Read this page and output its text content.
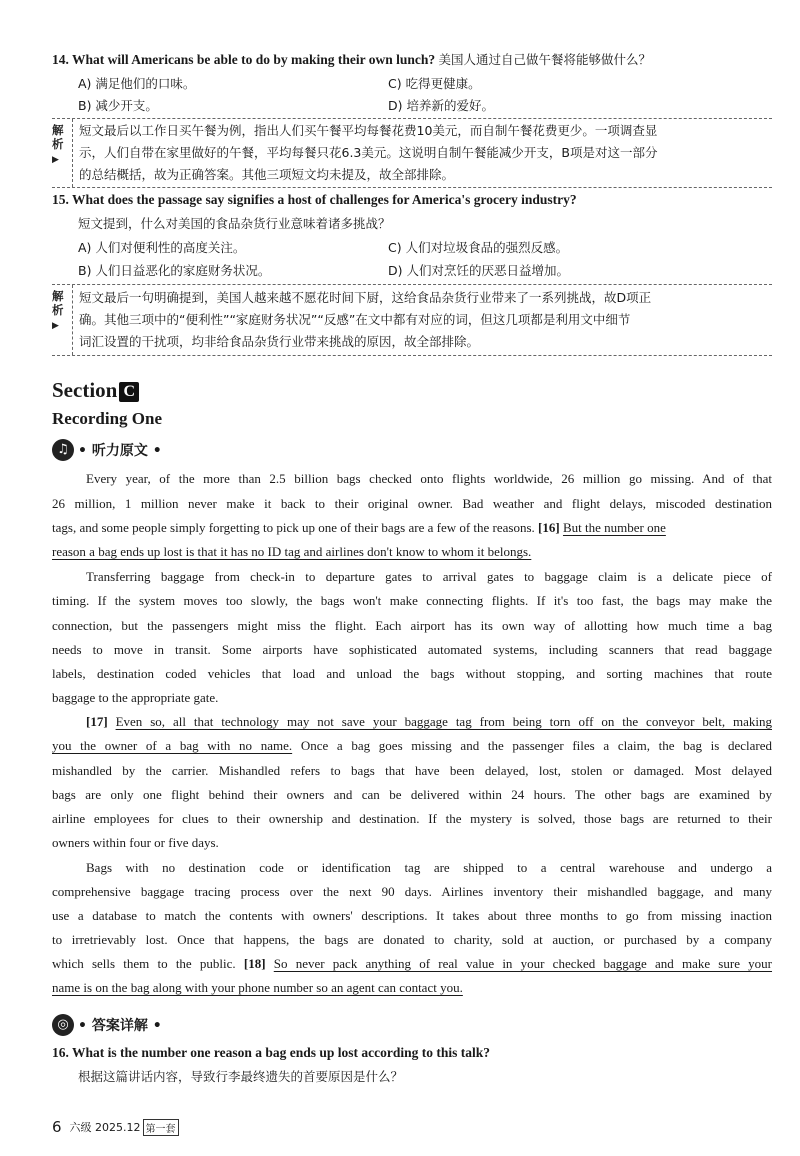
14. What will Americans be able to do by making their own lunch? 美国人通过自己做午餐将能够做什么？
A) 满足他们的口味。	C) 吃得更健康。
B) 减少开支。	D) 培养新的爱好。
解析▶
短文最后以工作日买午餐为例，指出人们买午餐平均每餐花费10美元，而自制午餐花费更少。一项调查显
示，人们自带在家里做好的午餐，平均每餐只花6.3美元。这说明自制午餐能减少开支，B项是对这一部分
的总结概括，故为正确答案。其他三项短文均未提及，故全部排除。
15. What does the passage say signifies a host of challenges for America's grocery industry?
短文提到，什么对美国的食品杂货行业意味着诸多挑战？
A) 人们对便利性的高度关注。	C) 人们对垃圾食品的强烈反感。
B) 人们日益恶化的家庭财务状况。	D) 人们对烹饪的厌恶日益增加。
解析▶
短文最后一句明确提到，美国人越来越不愿花时间下厨，这给食品杂货行业带来了一系列挑战，故D项正
确。其他三项中的“便利性”“家庭财务状况”“反感”在文中都有对应的词，但这几项都是利用文中细节
词汇设置的干扰项，均非给食品杂货行业带来挑战的原因，故全部排除。
Section C
Recording One
♫ • 听力原文 •
Every year, of the more than 2.5 billion bags checked onto flights worldwide, 26 million go missing. And of that
26 million, 1 million never make it back to their original owner. Bad weather and flight delays, miscoded destination
tags, and some people simply forgetting to pick up one of their bags are a few of the reasons. [16] But the number one
reason a bag ends up lost is that it has no ID tag and airlines don't know to whom it belongs.
Transferring baggage from check-in to departure gates to arrival gates to baggage claim is a delicate piece of
timing. If the system moves too slowly, the bags won't make connecting flights. If it's too fast, the bags may make the
connection, but the passengers might miss the flight. Each airport has its own way of allotting how much time a bag
needs to move in transit. Some airports have sophisticated automated systems, including scanners that read baggage
labels, destination coded vehicles that load and unload the bags without stopping, and sorting machines that route
baggage to the appropriate gate.
[17] Even so, all that technology may not save your baggage tag from being torn off on the conveyor belt, making
you the owner of a bag with no name. Once a bag goes missing and the passenger files a claim, the bag is declared
mishandled by the carrier. Mishandled refers to bags that have been delayed, lost, stolen or damaged. Most delayed
bags are only one flight behind their owners and can be delivered within 24 hours. The other bags are examined by
airline employees for clues to their ownership and destination. If the mystery is solved, those bags are returned to their
owners within four or five days.
Bags with no destination code or identification tag are shipped to a central warehouse and undergo a
comprehensive baggage tracing process over the next 90 days. Airlines inventory their mishandled baggage, and many
use a database to match the contents with owners' descriptions. It takes about three months to go from missing inaction
to irretrievably lost. Once that happens, the bags are donated to charity, sold at auction, or purchased by a company
which sells them to the public. [18] So never pack anything of real value in your checked baggage and make sure your
name is on the bag along with your phone number so an agent can contact you.
◎ • 答案详解 •
16. What is the number one reason a bag ends up lost according to this talk?
根据这篇讲话内容，导致行李最终遗失的首要原因是什么？
6 六级 2025.12 第一套
